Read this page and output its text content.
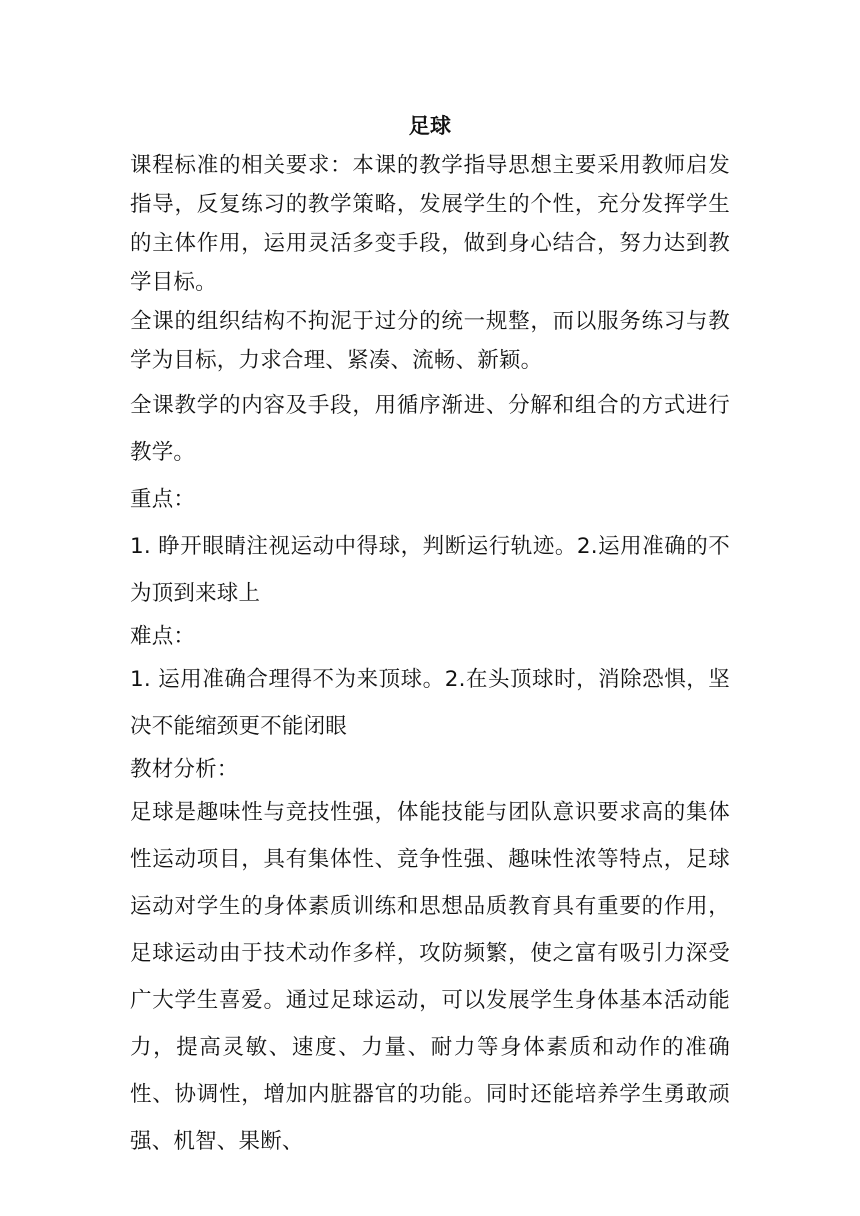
足球

课程标准的相关要求：本课的教学指导思想主要采用教师启发指导，反复练习的教学策略，发展学生的个性，充分发挥学生的主体作用，运用灵活多变手段，做到身心结合，努力达到教学目标。

全课的组织结构不拘泥于过分的统一规整，而以服务练习与教学为目标，力求合理、紧凑、流畅、新颖。

全课教学的内容及手段，用循序渐进、分解和组合的方式进行教学。

重点：

1. 睁开眼睛注视运动中得球，判断运行轨迹。2.运用准确的不为顶到来球上

难点：

1. 运用准确合理得不为来顶球。2.在头顶球时，消除恐惧，坚决不能缩颈更不能闭眼

教材分析：

足球是趣味性与竞技性强，体能技能与团队意识要求高的集体性运动项目，具有集体性、竞争性强、趣味性浓等特点，足球运动对学生的身体素质训练和思想品质教育具有重要的作用，足球运动由于技术动作多样，攻防频繁，使之富有吸引力深受广大学生喜爱。通过足球运动，可以发展学生身体基本活动能力，提高灵敏、速度、力量、耐力等身体素质和动作的准确性、协调性，增加内脏器官的功能。同时还能培养学生勇敢顽强、机智、果断、
